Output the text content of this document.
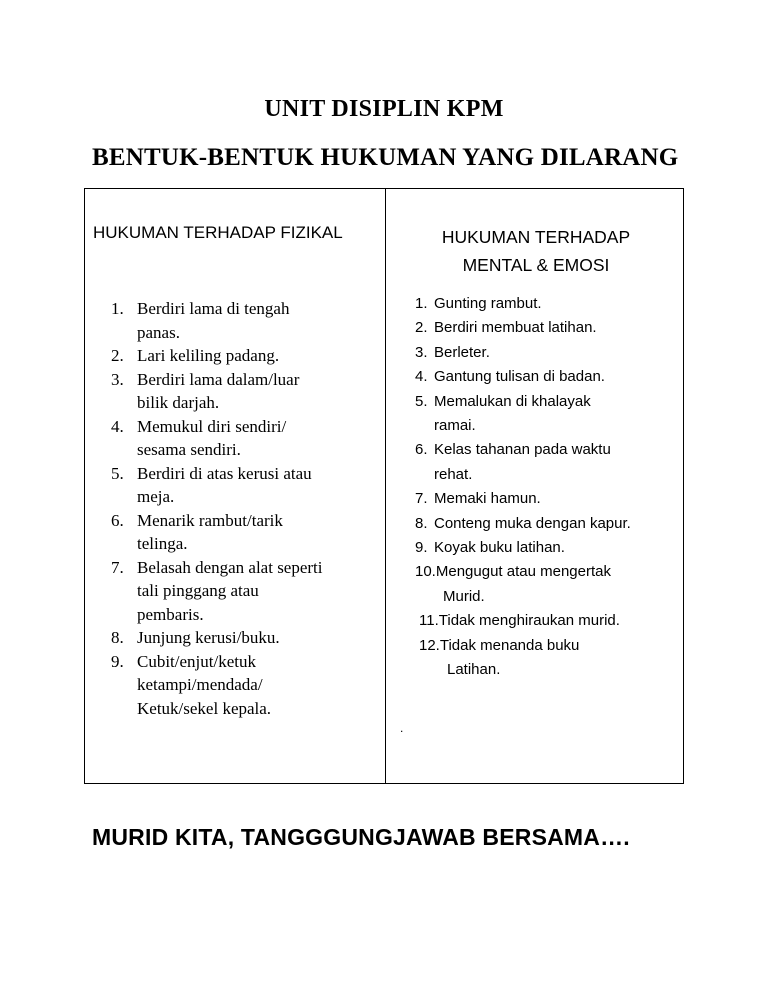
UNIT DISIPLIN KPM
BENTUK-BENTUK HUKUMAN YANG DILARANG
HUKUMAN TERHADAP FIZIKAL	HUKUMAN TERHADAP
MENTAL & EMOSI
1. Berdiri lama di tengah
panas.
2. Lari keliling padang.
3. Berdiri lama dalam/luar
bilik darjah.
4. Memukul diri sendiri/
sesama sendiri.
5. Berdiri di atas kerusi atau
meja.
6. Menarik rambut/tarik
telinga.
7. Belasah dengan alat seperti
tali pinggang atau
pembaris.
8. Junjung kerusi/buku.
9. Cubit/enjut/ketuk
ketampi/mendada/
Ketuk/sekel kepala.
1. Gunting rambut.
2. Berdiri membuat latihan.
3. Berleter.
4. Gantung tulisan di badan.
5. Memalukan di khalayak
ramai.
6. Kelas tahanan pada waktu
rehat.
7. Memaki hamun.
8. Conteng muka dengan kapur.
9. Koyak buku latihan.
10.Mengugut atau mengertak
Murid.
11.Tidak menghiraukan murid.
12.Tidak menanda buku
Latihan.
.
MURID KITA, TANGGGUNGJAWAB BERSAMA….
